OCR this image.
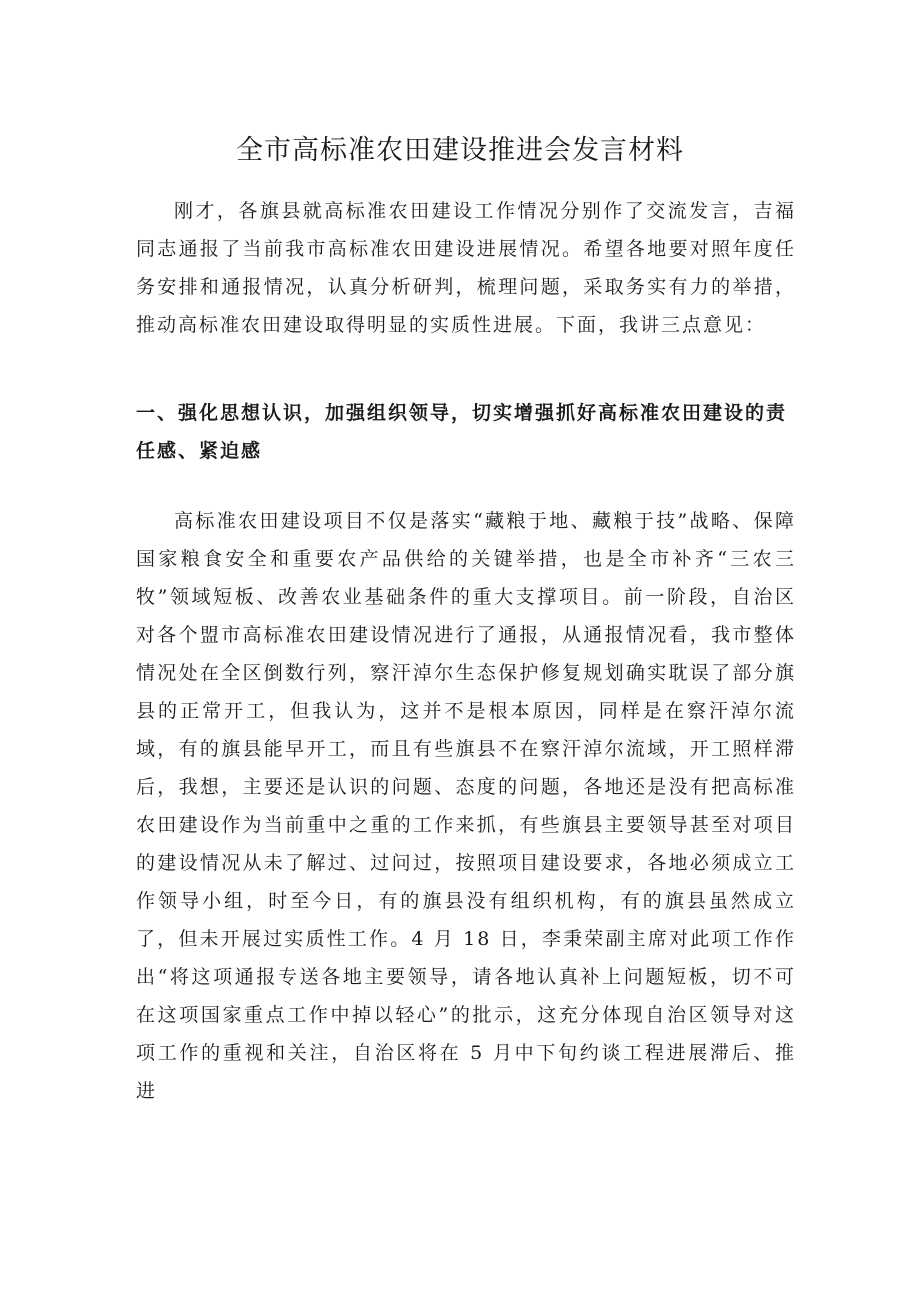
全市高标准农田建设推进会发言材料

刚才，各旗县就高标准农田建设工作情况分别作了交流发言，吉福同志通报了当前我市高标准农田建设进展情况。希望各地要对照年度任务安排和通报情况，认真分析研判，梳理问题，采取务实有力的举措，推动高标准农田建设取得明显的实质性进展。下面，我讲三点意见：

一、强化思想认识，加强组织领导，切实增强抓好高标准农田建设的责任感、紧迫感

高标准农田建设项目不仅是落实“藏粮于地、藏粮于技”战略、保障国家粮食安全和重要农产品供给的关键举措，也是全市补齐“三农三牧”领域短板、改善农业基础条件的重大支撑项目。前一阶段，自治区对各个盟市高标准农田建设情况进行了通报，从通报情况看，我市整体情况处在全区倒数行列，察汗淖尔生态保护修复规划确实耽误了部分旗县的正常开工，但我认为，这并不是根本原因，同样是在察汗淖尔流域，有的旗县能早开工，而且有些旗县不在察汗淖尔流域，开工照样滞后，我想，主要还是认识的问题、态度的问题，各地还是没有把高标准农田建设作为当前重中之重的工作来抓，有些旗县主要领导甚至对项目的建设情况从未了解过、过问过，按照项目建设要求，各地必须成立工作领导小组，时至今日，有的旗县没有组织机构，有的旗县虽然成立了，但未开展过实质性工作。4 月 18 日，李秉荣副主席对此项工作作出“将这项通报专送各地主要领导，请各地认真补上问题短板，切不可在这项国家重点工作中掉以轻心”的批示，这充分体现自治区领导对这项工作的重视和关注，自治区将在 5 月中下旬约谈工程进展滞后、推进
